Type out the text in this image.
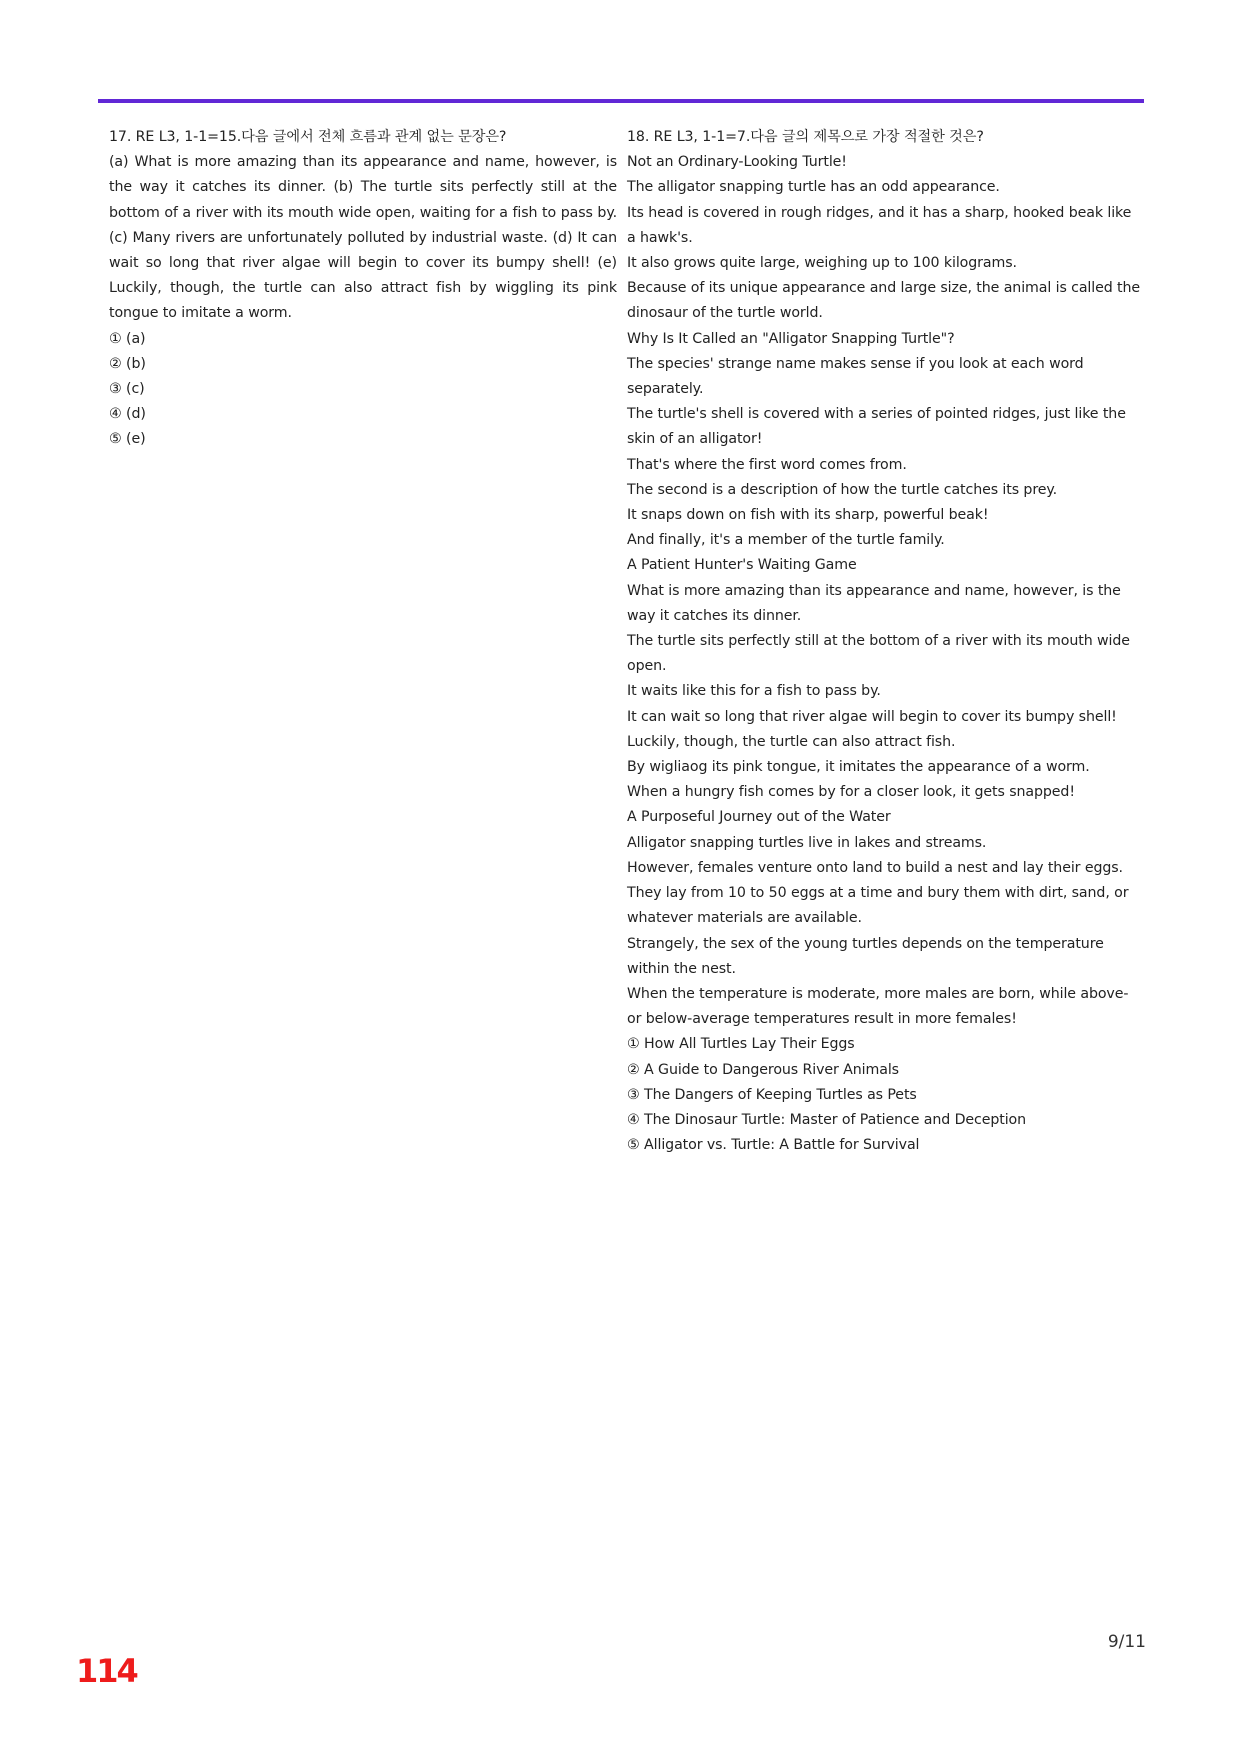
17. RE L3, 1-1=15.다음 글에서 전체 흐름과 관계 없는 문장은?
(a) What is more amazing than its appearance and name, however, is the way it catches its dinner. (b) The turtle sits perfectly still at the bottom of a river with its mouth wide open, waiting for a fish to pass by. (c) Many rivers are unfortunately polluted by industrial waste. (d) It can wait so long that river algae will begin to cover its bumpy shell! (e) Luckily, though, the turtle can also attract fish by wiggling its pink tongue to imitate a worm.
① (a)
② (b)
③ (c)
④ (d)
⑤ (e)
18. RE L3, 1-1=7.다음 글의 제목으로 가장 적절한 것은?
Not an Ordinary-Looking Turtle!
The alligator snapping turtle has an odd appearance.
Its head is covered in rough ridges, and it has a sharp, hooked beak like a hawk's.
It also grows quite large, weighing up to 100 kilograms.
Because of its unique appearance and large size, the animal is called the dinosaur of the turtle world.
Why Is It Called an "Alligator Snapping Turtle"?
The species' strange name makes sense if you look at each word separately.
The turtle's shell is covered with a series of pointed ridges, just like the skin of an alligator!
That's where the first word comes from.
The second is a description of how the turtle catches its prey.
It snaps down on fish with its sharp, powerful beak!
And finally, it's a member of the turtle family.
A Patient Hunter's Waiting Game
What is more amazing than its appearance and name, however, is the way it catches its dinner.
The turtle sits perfectly still at the bottom of a river with its mouth wide open.
It waits like this for a fish to pass by.
It can wait so long that river algae will begin to cover its bumpy shell!
Luckily, though, the turtle can also attract fish.
By wigliaog its pink tongue, it imitates the appearance of a worm.
When a hungry fish comes by for a closer look, it gets snapped!
A Purposeful Journey out of the Water
Alligator snapping turtles live in lakes and streams.
However, females venture onto land to build a nest and lay their eggs.
They lay from 10 to 50 eggs at a time and bury them with dirt, sand, or whatever materials are available.
Strangely, the sex of the young turtles depends on the temperature within the nest.
When the temperature is moderate, more males are born, while above- or below-average temperatures result in more females!
① How All Turtles Lay Their Eggs
② A Guide to Dangerous River Animals
③ The Dangers of Keeping Turtles as Pets
④ The Dinosaur Turtle: Master of Patience and Deception
⑤ Alligator vs. Turtle: A Battle for Survival
9/11
114
